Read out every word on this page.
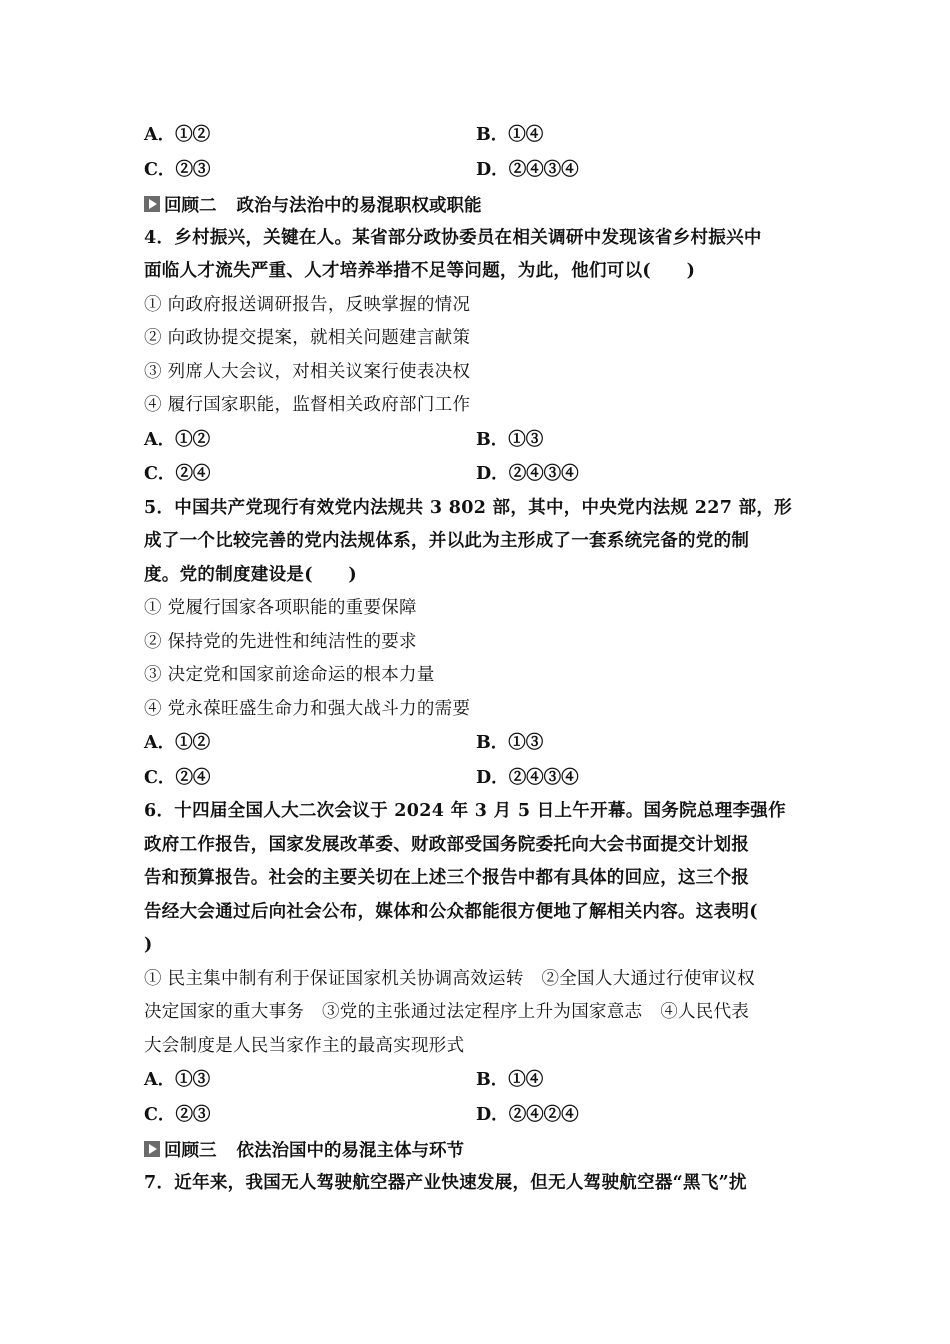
A．①②	B．①④
C．②③	D．②④③④
回顾二 政治与法治中的易混职权或职能
4．乡村振兴，关键在人。某省部分政协委员在相关调研中发现该省乡村振兴中
面临人才流失严重、人才培养举措不足等问题，为此，他们可以(　　)
① 向政府报送调研报告，反映掌握的情况
② 向政协提交提案，就相关问题建言献策
③ 列席人大会议，对相关议案行使表决权
④ 履行国家职能，监督相关政府部门工作
A．①②	B．①③
C．②④	D．②④③④
5．中国共产党现行有效党内法规共 3 802 部，其中，中央党内法规 227 部，形
成了一个比较完善的党内法规体系，并以此为主形成了一套系统完备的党的制
度。党的制度建设是(　　)
① 党履行国家各项职能的重要保障
② 保持党的先进性和纯洁性的要求
③ 决定党和国家前途命运的根本力量
④ 党永葆旺盛生命力和强大战斗力的需要
A．①②	B．①③
C．②④	D．②④③④
6．十四届全国人大二次会议于 2024 年 3 月 5 日上午开幕。国务院总理李强作
政府工作报告，国家发展改革委、财政部受国务院委托向大会书面提交计划报
告和预算报告。社会的主要关切在上述三个报告中都有具体的回应，这三个报
告经大会通过后向社会公布，媒体和公众都能很方便地了解相关内容。这表明(
)
① 民主集中制有利于保证国家机关协调高效运转　②全国人大通过行使审议权
决定国家的重大事务　③党的主张通过法定程序上升为国家意志　④人民代表
大会制度是人民当家作主的最高实现形式
A．①③	B．①④
C．②③	D．②④②④
回顾三 依法治国中的易混主体与环节
7．近年来，我国无人驾驶航空器产业快速发展，但无人驾驶航空器“黑飞”扰
